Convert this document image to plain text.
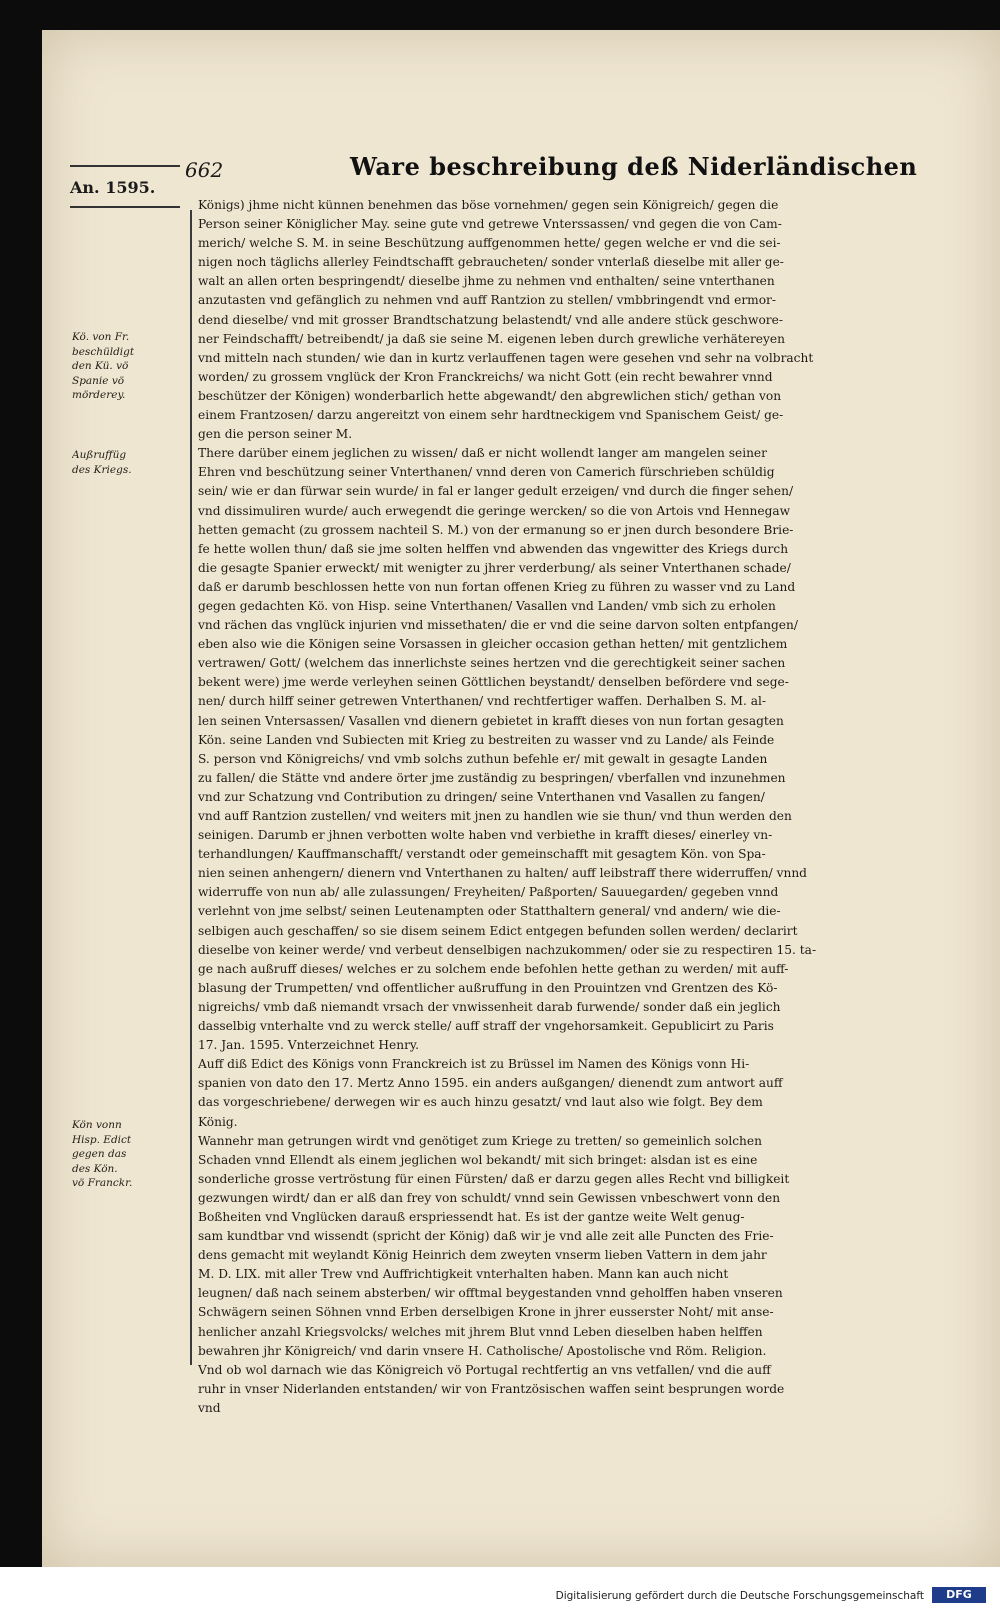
662	Ware beschreibung deß Niderländischen
An. 1595.
Kö. von Fr.
beschüldigt
den Kü. vö
Spanie vö
mörderey.
Außruffüg
des Kriegs.
Kön vonn
Hisp. Edict
gegen das
des Kön.
vö Franckr.
Königs) jhme nicht künnen benehmen das böse vornehmen/ gegen sein Königreich/ gegen die
Person seiner Königlicher May. seine gute vnd getrewe Vnterssassen/ vnd gegen die von Cam-
merich/ welche S. M. in seine Beschützung auffgenommen hette/ gegen welche er vnd die sei-
nigen noch täglichs allerley Feindtschafft gebraucheten/ sonder vnterlaß dieselbe mit aller ge-
walt an allen orten bespringendt/ dieselbe jhme zu nehmen vnd enthalten/ seine vnterthanen
anzutasten vnd gefänglich zu nehmen vnd auff Rantzion zu stellen/ vmbbringendt vnd ermor-
dend dieselbe/ vnd mit grosser Brandtschatzung belastendt/ vnd alle andere stück geschwore-
ner Feindschafft/ betreibendt/ ja daß sie seine M. eigenen leben durch grewliche verhätereyen
vnd mitteln nach stunden/ wie dan in kurtz verlauffenen tagen were gesehen vnd sehr na volbracht
worden/ zu grossem vnglück der Kron Franckreichs/ wa nicht Gott (ein recht bewahrer vnnd
beschützer der Königen) wonderbarlich hette abgewandt/ den abgrewlichen stich/ gethan von
einem Frantzosen/ darzu angereitzt von einem sehr hardtneckigem vnd Spanischem Geist/ ge-
gen die person seiner M.
There darüber einem jeglichen zu wissen/ daß er nicht wollendt langer am mangelen seiner
Ehren vnd beschützung seiner Vnterthanen/ vnnd deren von Camerich fürschrieben schüldig
sein/ wie er dan fürwar sein wurde/ in fal er langer gedult erzeigen/ vnd durch die finger sehen/
vnd dissimuliren wurde/ auch erwegendt die geringe wercken/ so die von Artois vnd Hennegaw
hetten gemacht (zu grossem nachteil S. M.) von der ermanung so er jnen durch besondere Brie-
fe hette wollen thun/ daß sie jme solten helffen vnd abwenden das vngewitter des Kriegs durch
die gesagte Spanier erweckt/ mit wenigter zu jhrer verderbung/ als seiner Vnterthanen schade/
daß er darumb beschlossen hette von nun fortan offenen Krieg zu führen zu wasser vnd zu Land
gegen gedachten Kö. von Hisp. seine Vnterthanen/ Vasallen vnd Landen/ vmb sich zu erholen
vnd rächen das vnglück injurien vnd missethaten/ die er vnd die seine darvon solten entpfangen/
eben also wie die Königen seine Vorsassen in gleicher occasion gethan hetten/ mit gentzlichem
vertrawen/ Gott/ (welchem das innerlichste seines hertzen vnd die gerechtigkeit seiner sachen
bekent were) jme werde verleyhen seinen Göttlichen beystandt/ denselben befördere vnd sege-
nen/ durch hilff seiner getrewen Vnterthanen/ vnd rechtfertiger waffen. Derhalben S. M. al-
len seinen Vntersassen/ Vasallen vnd dienern gebietet in krafft dieses von nun fortan gesagten
Kön. seine Landen vnd Subiecten mit Krieg zu bestreiten zu wasser vnd zu Lande/ als Feinde
S. person vnd Königreichs/ vnd vmb solchs zuthun befehle er/ mit gewalt in gesagte Landen
zu fallen/ die Stätte vnd andere örter jme zuständig zu bespringen/ vberfallen vnd inzunehmen
vnd zur Schatzung vnd Contribution zu dringen/ seine Vnterthanen vnd Vasallen zu fangen/
vnd auff Rantzion zustellen/ vnd weiters mit jnen zu handlen wie sie thun/ vnd thun werden den
seinigen. Darumb er jhnen verbotten wolte haben vnd verbiethe in krafft dieses/ einerley vn-
terhandlungen/ Kauffmanschafft/ verstandt oder gemeinschafft mit gesagtem Kön. von Spa-
nien seinen anhengern/ dienern vnd Vnterthanen zu halten/ auff leibstraff there widerruffen/ vnnd
widerruffe von nun ab/ alle zulassungen/ Freyheiten/ Paßporten/ Sauuegarden/ gegeben vnnd
verlehnt von jme selbst/ seinen Leutenampten oder Statthaltern general/ vnd andern/ wie die-
selbigen auch geschaffen/ so sie disem seinem Edict entgegen befunden sollen werden/ declarirt
dieselbe von keiner werde/ vnd verbeut denselbigen nachzukommen/ oder sie zu respectiren 15. ta-
ge nach außruff dieses/ welches er zu solchem ende befohlen hette gethan zu werden/ mit auff-
blasung der Trumpetten/ vnd offentlicher außruffung in den Prouintzen vnd Grentzen des Kö-
nigreichs/ vmb daß niemandt vrsach der vnwissenheit darab furwende/ sonder daß ein jeglich
dasselbig vnterhalte vnd zu werck stelle/ auff straff der vngehorsamkeit. Gepublicirt zu Paris
17. Jan. 1595. Vnterzeichnet Henry.
Auff diß Edict des Königs vonn Franckreich ist zu Brüssel im Namen des Königs vonn Hi-
spanien von dato den 17. Mertz Anno 1595. ein anders außgangen/ dienendt zum antwort auff
das vorgeschriebene/ derwegen wir es auch hinzu gesatzt/ vnd laut also wie folgt. Bey dem
König.
Wannehr man getrungen wirdt vnd genötiget zum Kriege zu tretten/ so gemeinlich solchen
Schaden vnnd Ellendt als einem jeglichen wol bekandt/ mit sich bringet: alsdan ist es eine
sonderliche grosse vertröstung für einen Fürsten/ daß er darzu gegen alles Recht vnd billigkeit
gezwungen wirdt/ dan er alß dan frey von schuldt/ vnnd sein Gewissen vnbeschwert vonn den
Boßheiten vnd Vnglücken darauß erspriessendt hat. Es ist der gantze weite Welt genug-
sam kundtbar vnd wissendt (spricht der König) daß wir je vnd alle zeit alle Puncten des Frie-
dens gemacht mit weylandt König Heinrich dem zweyten vnserm lieben Vattern in dem jahr
M. D. LIX. mit aller Trew vnd Auffrichtigkeit vnterhalten haben. Mann kan auch nicht
leugnen/ daß nach seinem absterben/ wir offtmal beygestanden vnnd geholffen haben vnseren
Schwägern seinen Söhnen vnnd Erben derselbigen Krone in jhrer eusserster Noht/ mit anse-
henlicher anzahl Kriegsvolcks/ welches mit jhrem Blut vnnd Leben dieselben haben helffen
bewahren jhr Königreich/ vnd darin vnsere H. Catholische/ Apostolische vnd Röm. Religion.
Vnd ob wol darnach wie das Königreich vö Portugal rechtfertig an vns vetfallen/ vnd die auff
ruhr in vnser Niderlanden entstanden/ wir von Frantzösischen waffen seint besprungen worde
vnd
Digitalisierung gefördert durch die Deutsche Forschungsgemeinschaft	DFG
